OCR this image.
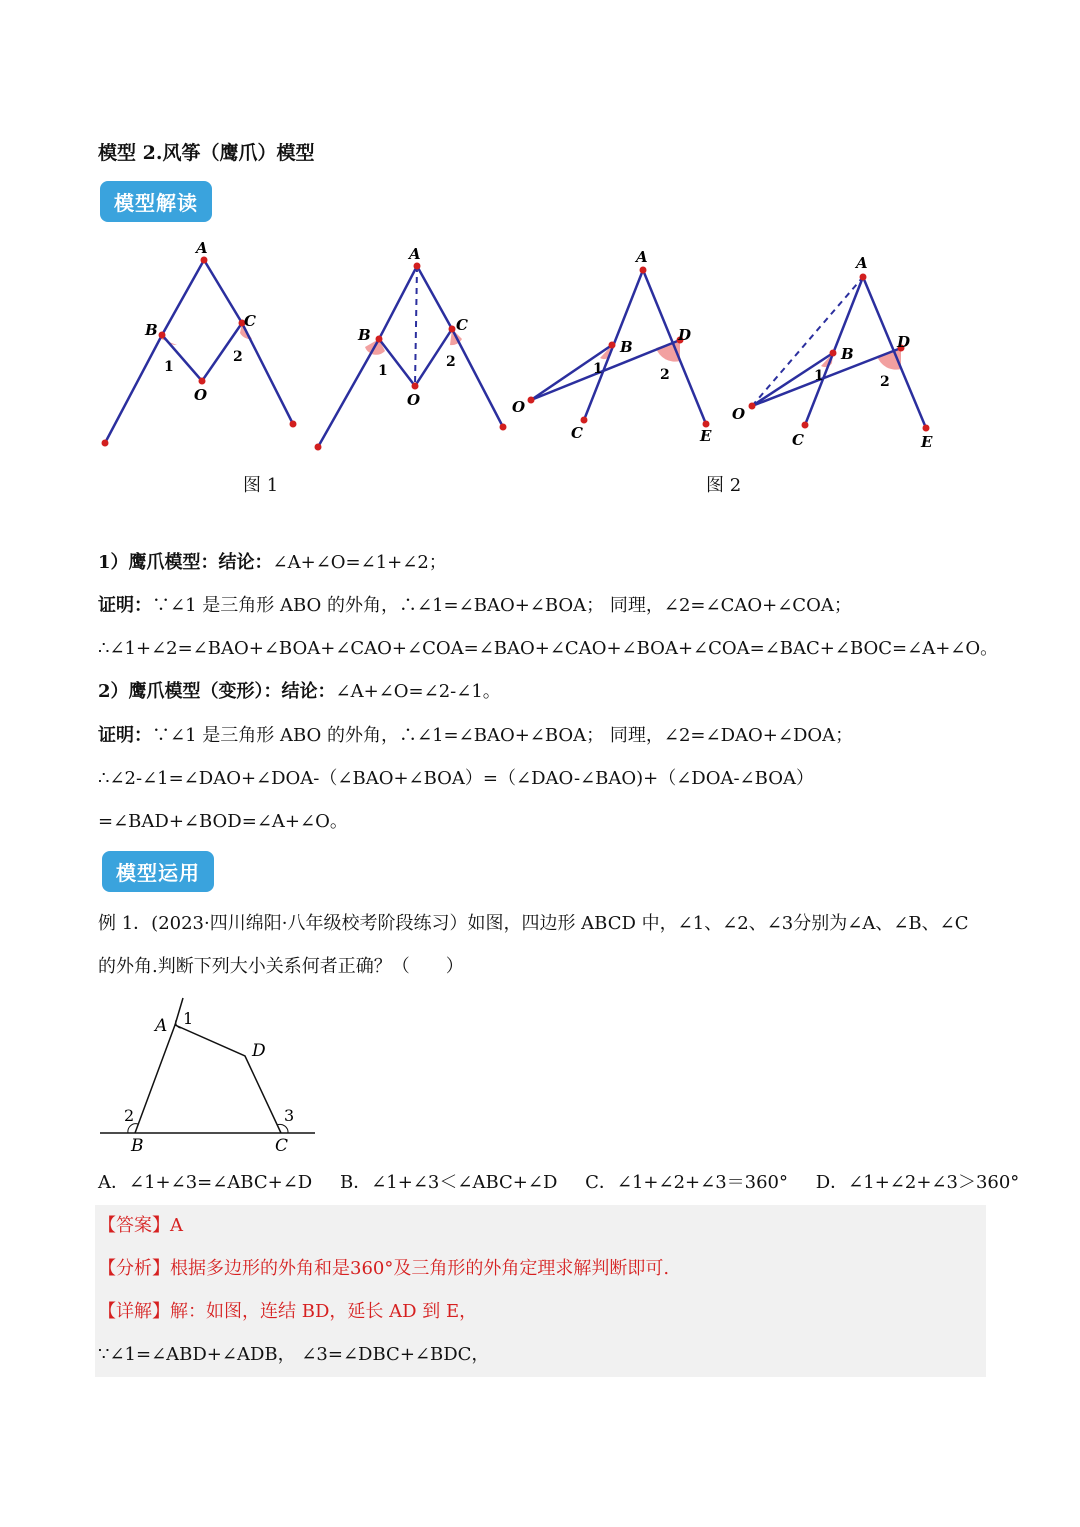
模型 2.风筝（鹰爪）模型
模型解读
A
B	C
O
1
2
A
B
C
O
1
2
A
B
D
O
C	E
1	2
A
B
D
O
C	E
1	2
图 1	图 2
1）鹰爪模型：结论：∠A+∠O=∠1+∠2；
证明：∵∠1 是三角形 ABO 的外角，∴∠1=∠BAO+∠BOA； 同理，∠2=∠CAO+∠COA；
∴∠1+∠2=∠BAO+∠BOA+∠CAO+∠COA=∠BAO+∠CAO+∠BOA+∠COA=∠BAC+∠BOC=∠A+∠O。
2）鹰爪模型（变形）：结论：∠A+∠O=∠2-∠1。
证明：∵∠1 是三角形 ABO 的外角，∴∠1=∠BAO+∠BOA； 同理，∠2=∠DAO+∠DOA；
∴∠2-∠1=∠DAO+∠DOA-（∠BAO+∠BOA）=（∠DAO-∠BAO)+（∠DOA-∠BOA）
=∠BAD+∠BOD=∠A+∠O。
模型运用
例 1．(2023·四川绵阳·八年级校考阶段练习）如图，四边形 ABCD 中，∠1、∠2、∠3分别为∠A、∠B、∠C
的外角.判断下列大小关系何者正确？（　　）
A 1
D
2	3
B	C
A．∠1+∠3=∠ABC+∠D B．∠1+∠3＜∠ABC+∠D C．∠1+∠2+∠3＝360° D．∠1+∠2+∠3＞360°
【答案】A
【分析】根据多边形的外角和是360°及三角形的外角定理求解判断即可.
【详解】解：如图，连结 BD，延长 AD 到 E，
∵∠1=∠ABD+∠ADB， ∠3=∠DBC+∠BDC，
